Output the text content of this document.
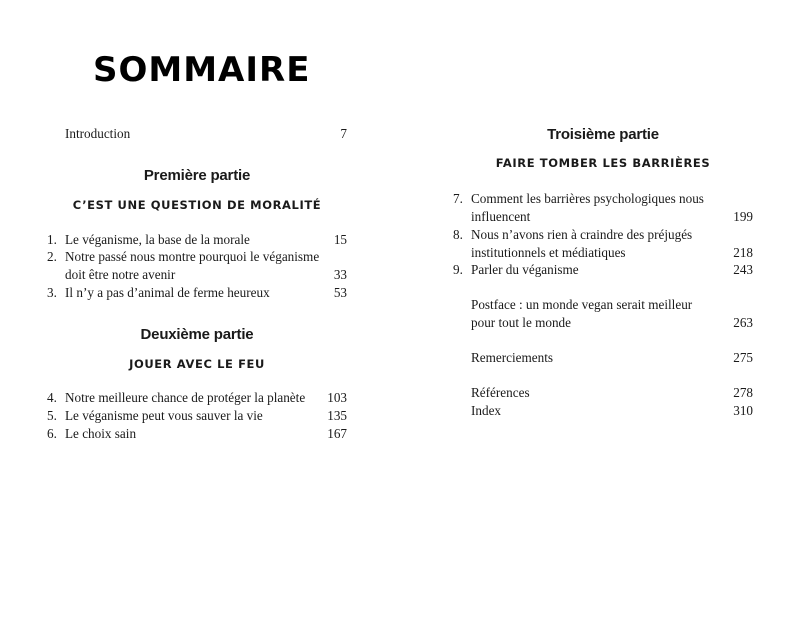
SOMMAIRE
Introduction	7
Première partie
C’EST UNE QUESTION DE MORALITÉ
1. Le véganisme, la base de la morale	15
2. Notre passé nous montre pourquoi le véganisme
doit être notre avenir	33
3. Il n’y a pas d’animal de ferme heureux	53
Deuxième partie
JOUER AVEC LE FEU
4. Notre meilleure chance de protéger la planète 103
5. Le véganisme peut vous sauver la vie	135
6. Le choix sain	167
Troisième partie
FAIRE TOMBER LES BARRIÈRES
7. Comment les barrières psychologiques nous
influencent	199
8. Nous n’avons rien à craindre des préjugés
institutionnels et médiatiques	218
9. Parler du véganisme	243
Postface : un monde vegan serait meilleur
pour tout le monde	263
Remerciements	275
Références	278
Index	310
